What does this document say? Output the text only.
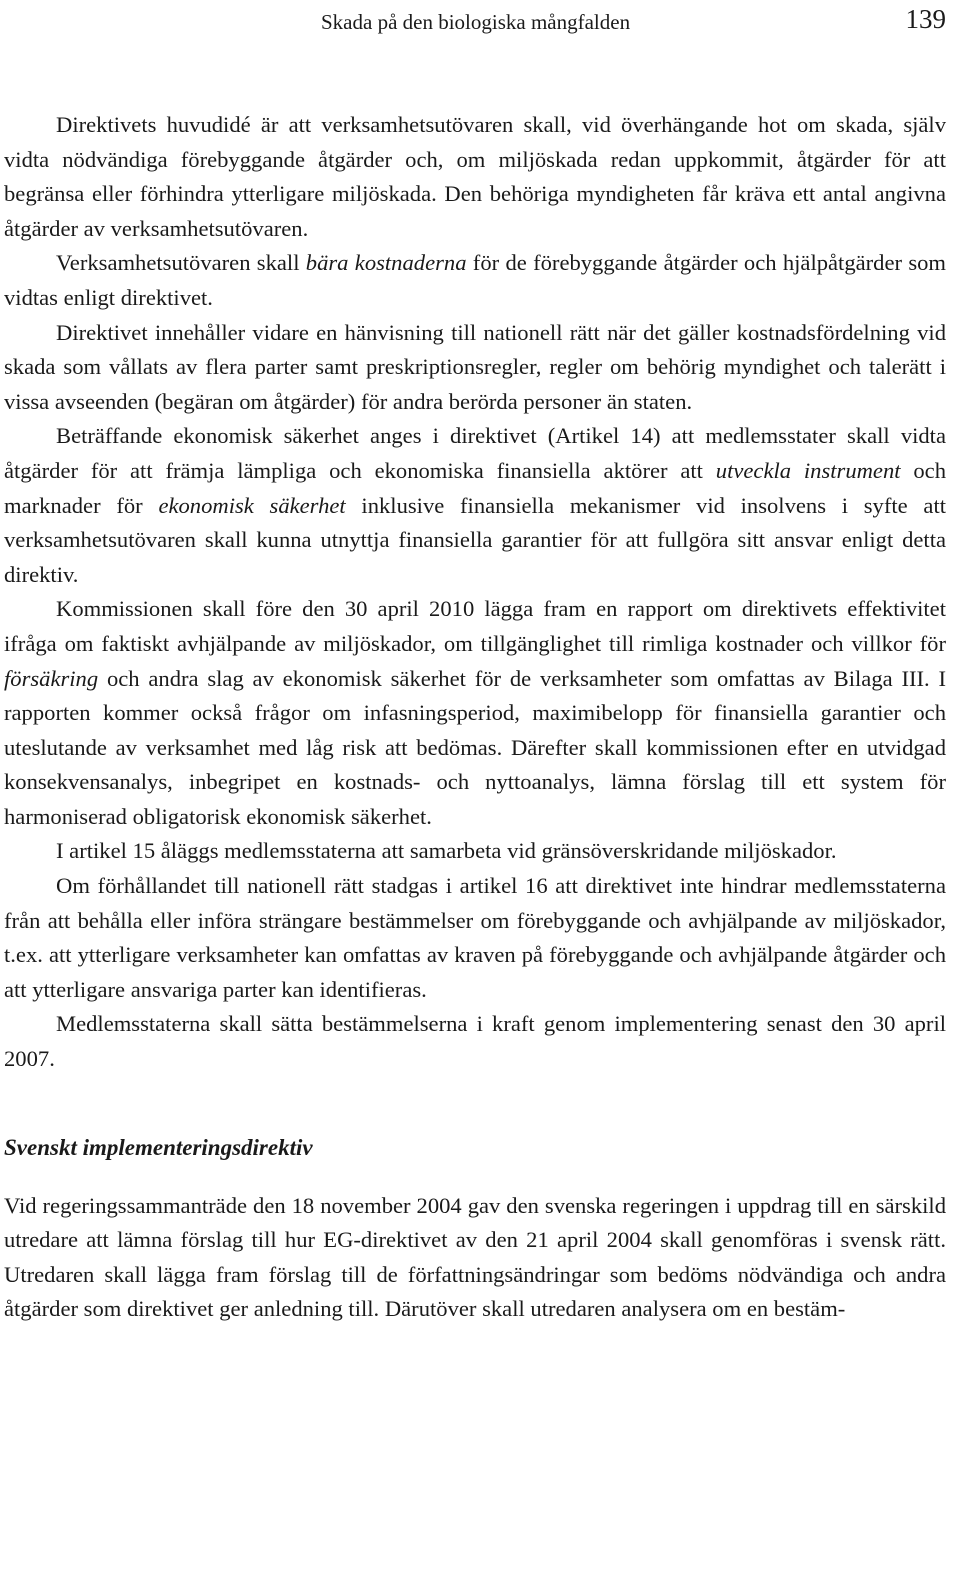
Skada på den biologiska mångfalden	139

Direktivets huvudidé är att verksamhetsutövaren skall, vid överhängande hot om skada, själv vidta nödvändiga förebyggande åtgärder och, om miljöskada redan uppkommit, åtgärder för att begränsa eller förhindra ytterligare miljöskada. Den behöriga myndigheten får kräva ett antal angivna åtgärder av verksamhetsutövaren.

Verksamhetsutövaren skall bära kostnaderna för de förebyggande åtgärder och hjälpåtgärder som vidtas enligt direktivet.

Direktivet innehåller vidare en hänvisning till nationell rätt när det gäller kostnadsfördelning vid skada som vållats av flera parter samt preskriptionsregler, regler om behörig myndighet och talerätt i vissa avseenden (begäran om åtgärder) för andra berörda personer än staten.

Beträffande ekonomisk säkerhet anges i direktivet (Artikel 14) att medlemsstater skall vidta åtgärder för att främja lämpliga och ekonomiska finansiella aktörer att utveckla instrument och marknader för ekonomisk säkerhet inklusive finansiella mekanismer vid insolvens i syfte att verksamhetsutövaren skall kunna utnyttja finansiella garantier för att fullgöra sitt ansvar enligt detta direktiv.

Kommissionen skall före den 30 april 2010 lägga fram en rapport om direktivets effektivitet ifråga om faktiskt avhjälpande av miljöskador, om tillgänglighet till rimliga kostnader och villkor för försäkring och andra slag av ekonomisk säkerhet för de verksamheter som omfattas av Bilaga III. I rapporten kommer också frågor om infasningsperiod, maximibelopp för finansiella garantier och uteslutande av verksamhet med låg risk att bedömas. Därefter skall kommissionen efter en utvidgad konsekvensanalys, inbegripet en kostnads- och nyttoanalys, lämna förslag till ett system för harmoniserad obligatorisk ekonomisk säkerhet.

I artikel 15 åläggs medlemsstaterna att samarbeta vid gränsöverskridande miljöskador.

Om förhållandet till nationell rätt stadgas i artikel 16 att direktivet inte hindrar medlemsstaterna från att behålla eller införa strängare bestämmelser om förebyggande och avhjälpande av miljöskador, t.ex. att ytterligare verksamheter kan omfattas av kraven på förebyggande och avhjälpande åtgärder och att ytterligare ansvariga parter kan identifieras.

Medlemsstaterna skall sätta bestämmelserna i kraft genom implementering senast den 30 april 2007.

Svenskt implementeringsdirektiv

Vid regeringssammanträde den 18 november 2004 gav den svenska regeringen i uppdrag till en särskild utredare att lämna förslag till hur EG-direktivet av den 21 april 2004 skall genomföras i svensk rätt. Utredaren skall lägga fram förslag till de författningsändringar som bedöms nödvändiga och andra åtgärder som direktivet ger anledning till. Därutöver skall utredaren analysera om en bestäm-
